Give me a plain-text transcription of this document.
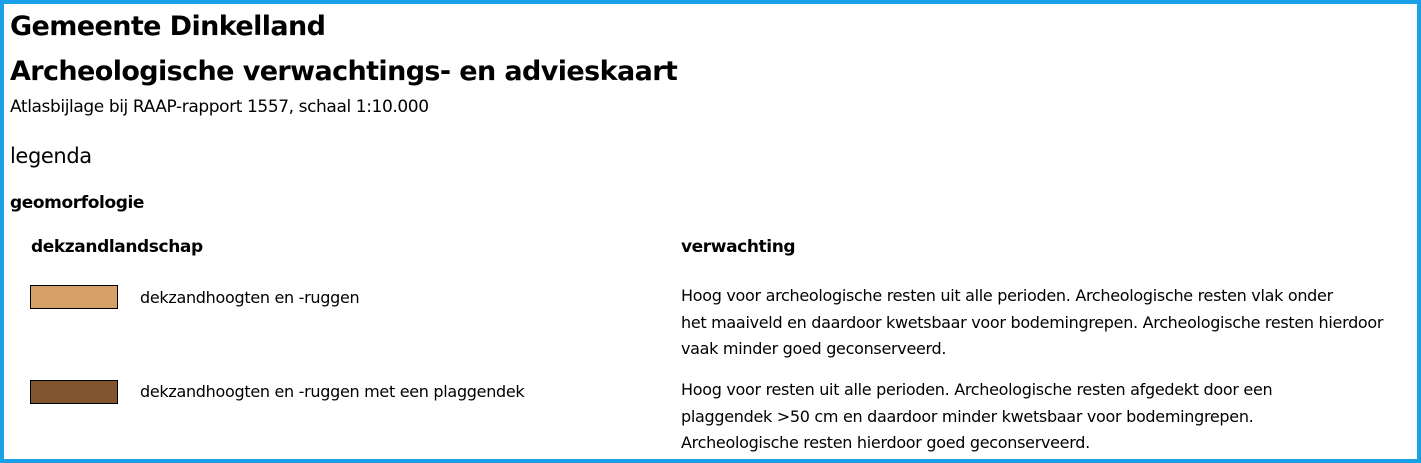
Gemeente Dinkelland
Archeologische verwachtings- en advieskaart
Atlasbijlage bij RAAP-rapport 1557, schaal 1:10.000
legenda
geomorfologie
dekzandlandschap	verwachting
dekzandhoogten en -ruggen	Hoog voor archeologische resten uit alle perioden. Archeologische resten vlak onder
het maaiveld en daardoor kwetsbaar voor bodemingrepen. Archeologische resten hierdoor
vaak minder goed geconserveerd.
dekzandhoogten en -ruggen met een plaggendek	Hoog voor resten uit alle perioden. Archeologische resten afgedekt door een
plaggendek >50 cm en daardoor minder kwetsbaar voor bodemingrepen.
Archeologische resten hierdoor goed geconserveerd.
